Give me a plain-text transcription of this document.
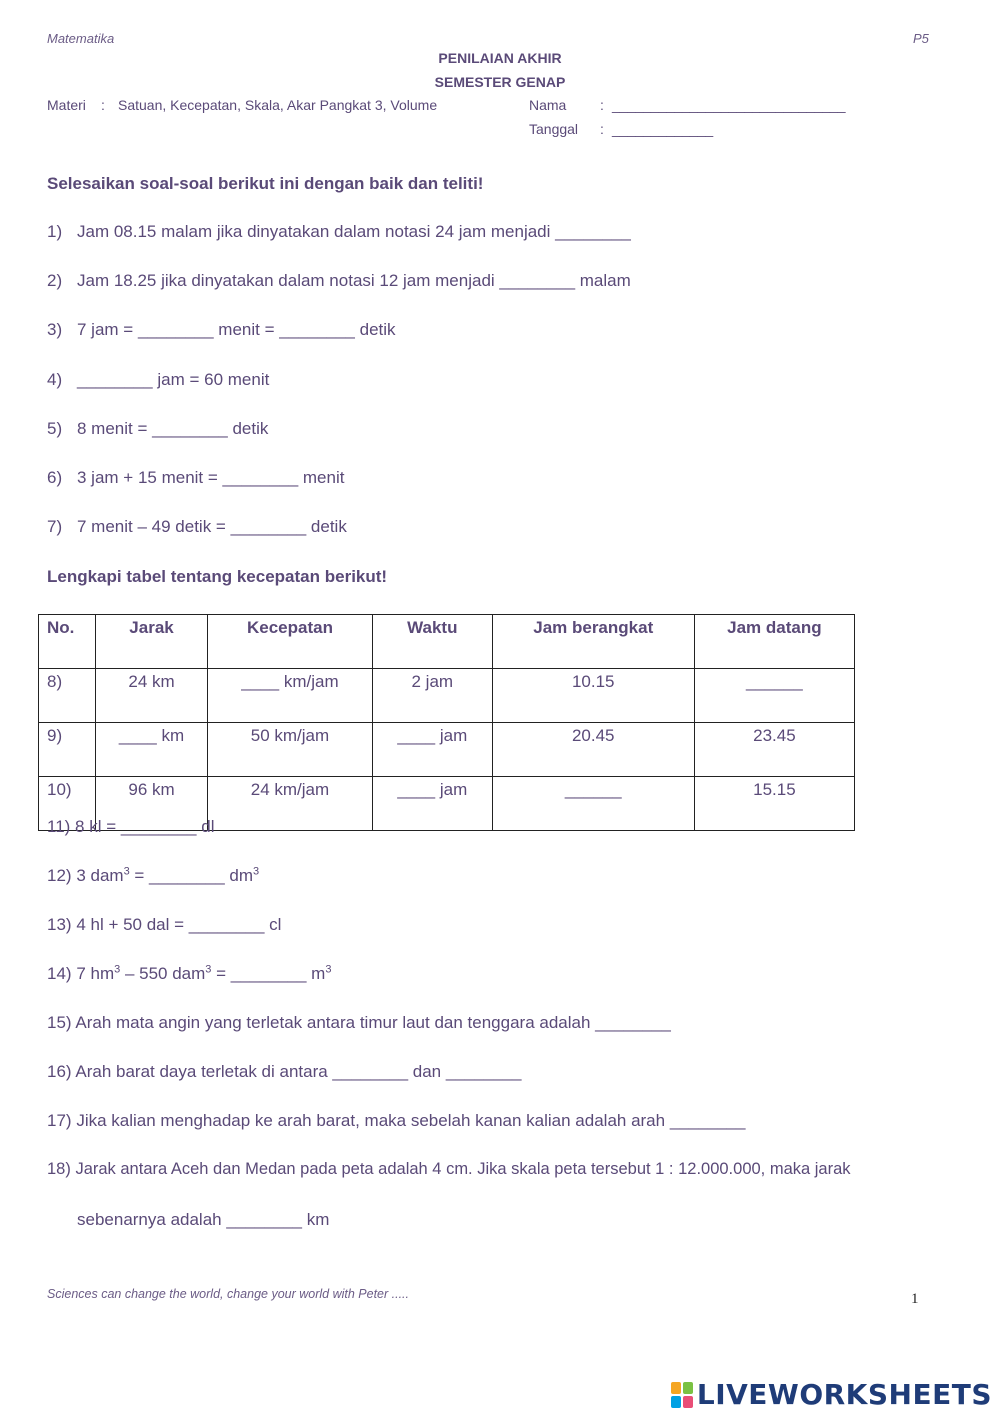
Matematika	P5
PENILAIAN AKHIR
SEMESTER GENAP
Materi : Satuan, Kecepatan, Skala, Akar Pangkat 3, Volume	Nama : ______________________________
Tanggal : _____________
Selesaikan soal-soal berikut ini dengan baik dan teliti!
1) Jam 08.15 malam jika dinyatakan dalam notasi 24 jam menjadi ________
2) Jam 18.25 jika dinyatakan dalam notasi 12 jam menjadi ________ malam
3) 7 jam = ________ menit = ________ detik
4) ________ jam = 60 menit
5) 8 menit = ________ detik
6) 3 jam + 15 menit = ________ menit
7) 7 menit – 49 detik = ________ detik
Lengkapi tabel tentang kecepatan berikut!
No.	Jarak	Kecepatan	Waktu	Jam berangkat	Jam datang
8)	24 km	____ km/jam	2 jam	10.15	______
9)	____ km	50 km/jam	____ jam	20.45	23.45
10)	96 km	24 km/jam	____ jam	______	15.15
11) 8 kl = ________ dl
12) 3 dam$^3$ = ________ $dm^3$
13) 4 hl + 50 dal = ________ cl
14) 7 $hm^3 - 550$ dam$^3$ = ________ $m^3$
15) Arah mata angin yang terletak antara timur laut dan tenggara adalah ________
16) Arah barat daya terletak di antara ________ dan ________
17) Jika kalian menghadap ke arah barat, maka sebelah kanan kalian adalah arah ________
18) Jarak antara Aceh dan Medan pada peta adalah 4 cm. Jika skala peta tersebut 1 : 12.000.000, maka jarak
sebenarnya adalah ________ km
Sciences can change the world, change your world with Peter .....	1
LIVEWORKSHEETS
